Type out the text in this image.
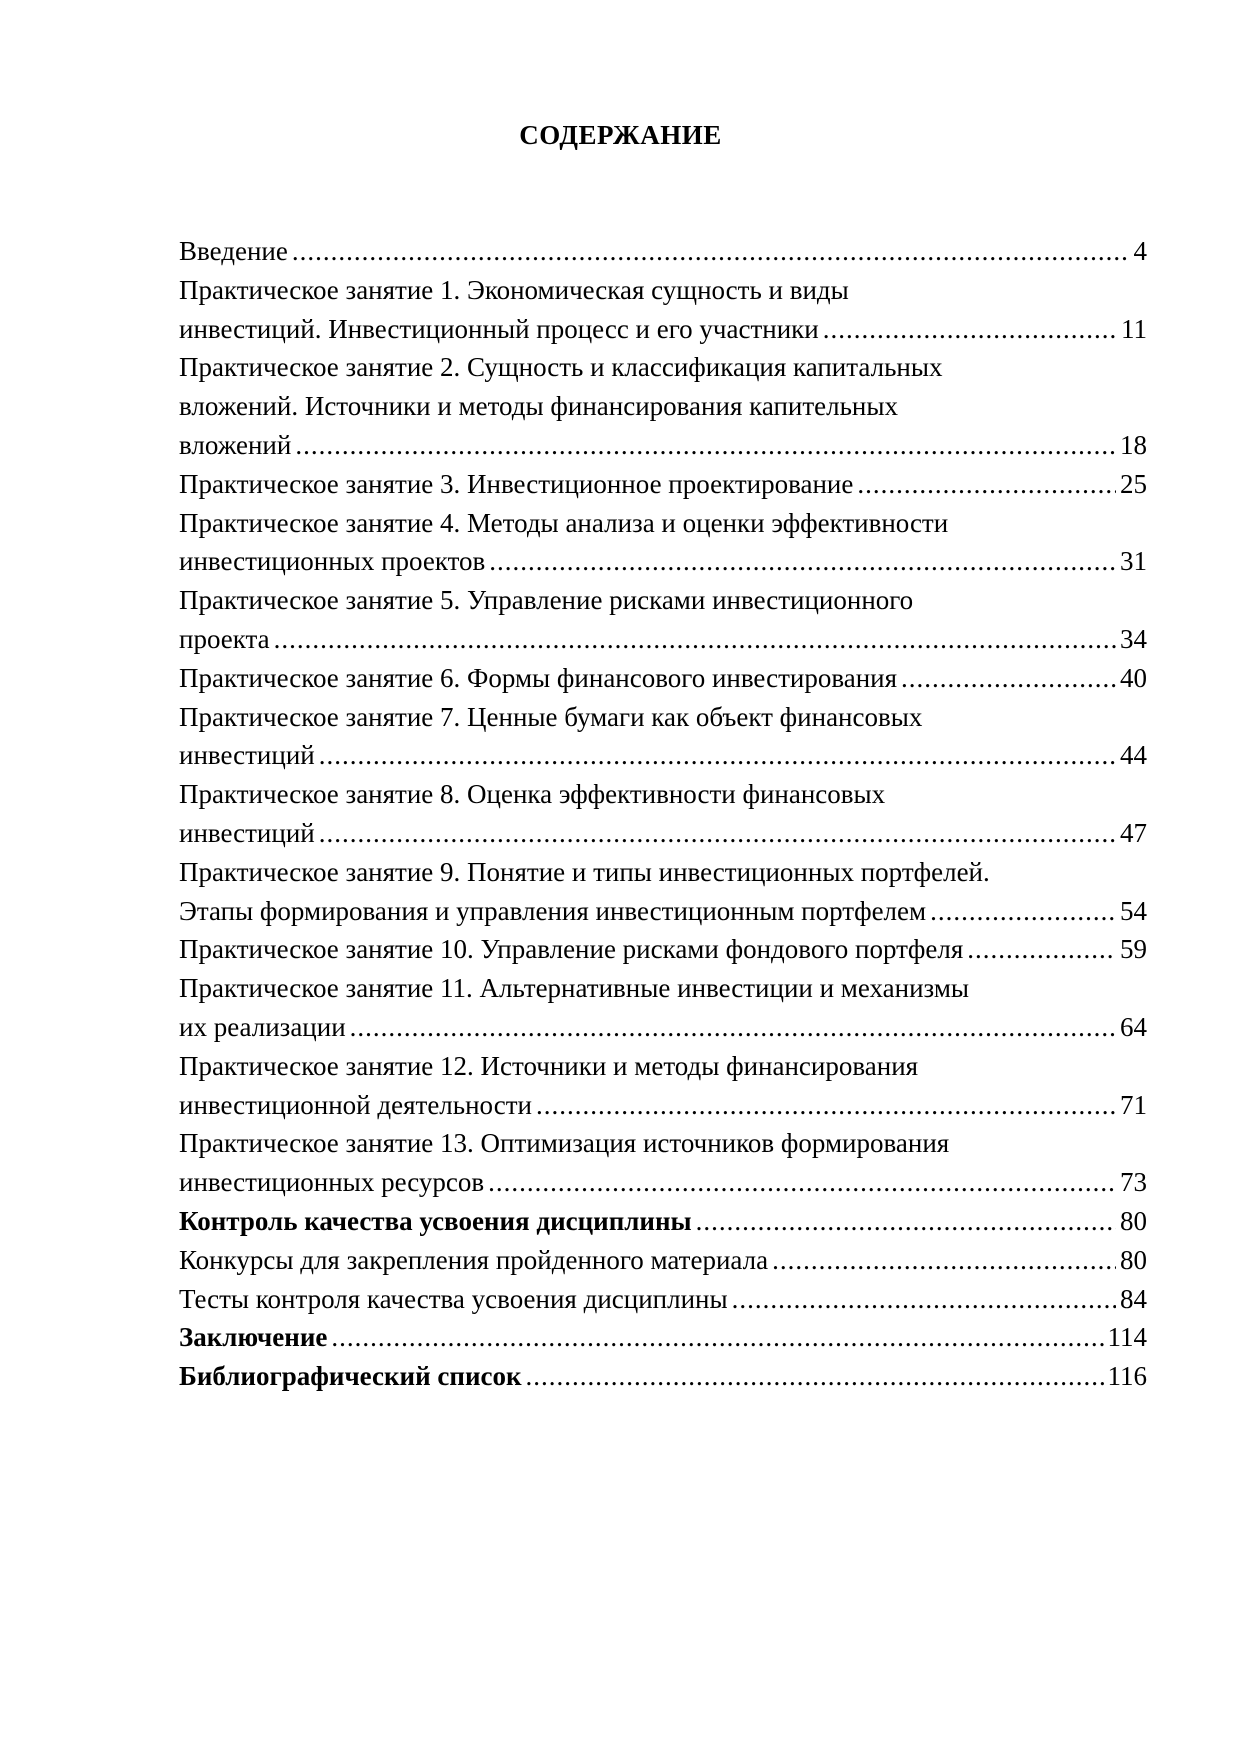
СОДЕРЖАНИЕ
Введение .....	4
Практическое занятие 1. Экономическая сущность и виды
инвестиций. Инвестиционный процесс и его участники .....	11
Практическое занятие 2. Сущность и классификация капитальных
вложений. Источники и методы финансирования капительных
вложений .....	18
Практическое занятие 3. Инвестиционное проектирование .....	25
Практическое занятие 4. Методы анализа и оценки эффективности
инвестиционных проектов .....	31
Практическое занятие 5. Управление рисками инвестиционного
проекта .....	34
Практическое занятие 6. Формы финансового инвестирования .....	40
Практическое занятие 7. Ценные бумаги как объект финансовых
инвестиций .....	44
Практическое занятие 8. Оценка эффективности финансовых
инвестиций .....	47
Практическое занятие 9. Понятие и типы инвестиционных портфелей.
Этапы формирования и управления инвестиционным портфелем .....	54
Практическое занятие 10. Управление рисками фондового портфеля .....	59
Практическое занятие 11. Альтернативные инвестиции и механизмы
их реализации .....	64
Практическое занятие 12. Источники и методы финансирования
инвестиционной деятельности .....	71
Практическое занятие 13. Оптимизация источников формирования
инвестиционных ресурсов .....	73
Контроль качества усвоения дисциплины .....	80
Конкурсы для закрепления пройденного материала .....	80
Тесты контроля качества усвоения дисциплины .....	84
Заключение .....	114
Библиографический список .....	116
